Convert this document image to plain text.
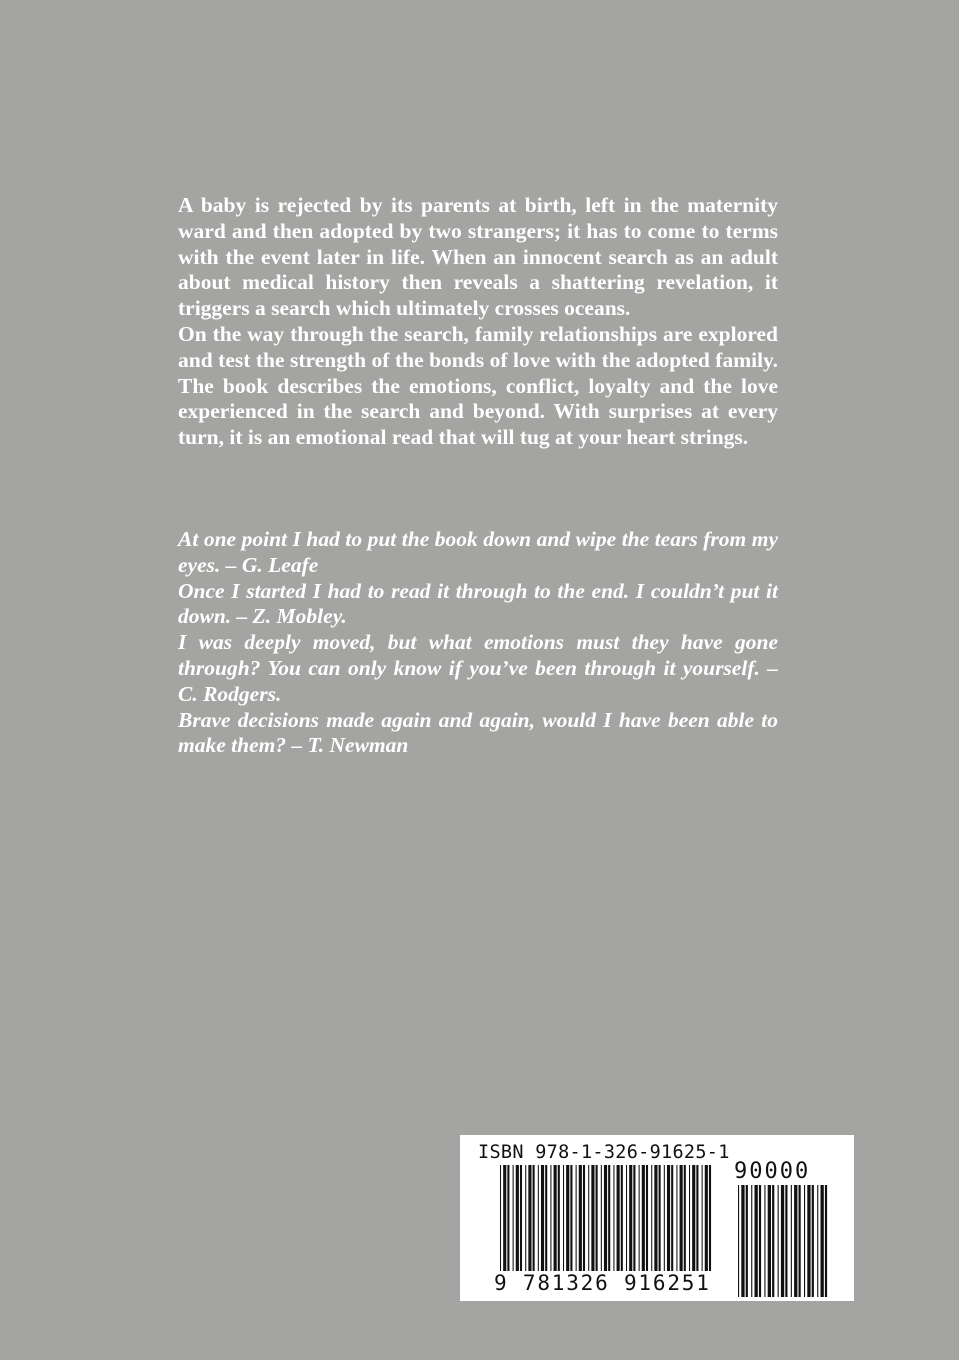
A baby is rejected by its parents at birth, left in the maternity ward and then adopted by two strangers; it has to come to terms with the event later in life. When an innocent search as an adult about medical history then reveals a shattering revelation, it triggers a search which ultimately crosses oceans.

On the way through the search, family relationships are explored and test the strength of the bonds of love with the adopted family. The book describes the emotions, conflict, loyalty and the love experienced in the search and beyond. With surprises at every turn, it is an emotional read that will tug at your heart strings.

At one point I had to put the book down and wipe the tears from my eyes. – G. Leafe

Once I started I had to read it through to the end. I couldn’t put it down. – Z. Mobley.

I was deeply moved, but what emotions must they have gone through? You can only know if you’ve been through it yourself. – C. Rodgers.

Brave decisions made again and again, would I have been able to make them? – T. Newman

ISBN 978-1-326-91625-1
90000
9 781326 916251
